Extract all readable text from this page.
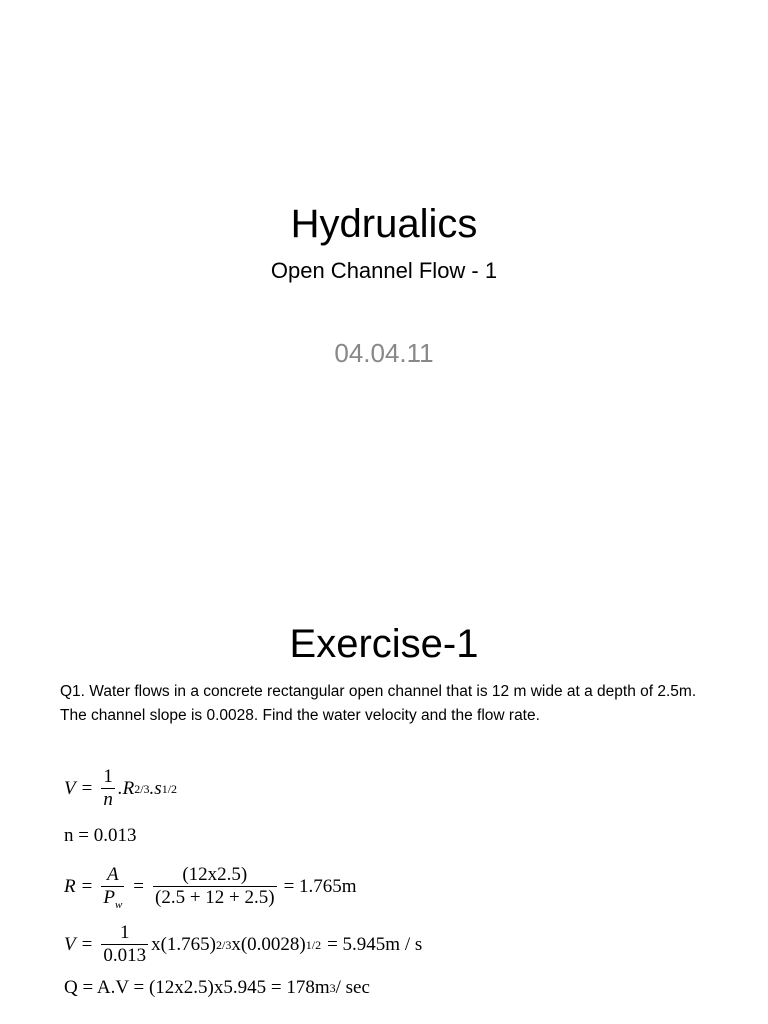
Hydrualics
Open Channel Flow - 1
04.04.11
Exercise-1
Q1. Water flows in a concrete rectangular open channel that is 12 m wide at a depth of 2.5m. The channel slope is 0.0028. Find the water velocity and the flow rate.
$V = \frac{1}{n} .R$ 2/3 .s 1/2
n = 0.013
$R = \frac{A}{P_w} = \frac{(12x2.5)}{(2.5 + 12 + 2.5)} = 1.765m$
$V = \frac{1}{0.013} x(1.765)$ 2/3 x(0.0028) 1/2 = 5.945m / s
Q = A.V = (12x2.5)x5.945 = 178m 3 / sec
